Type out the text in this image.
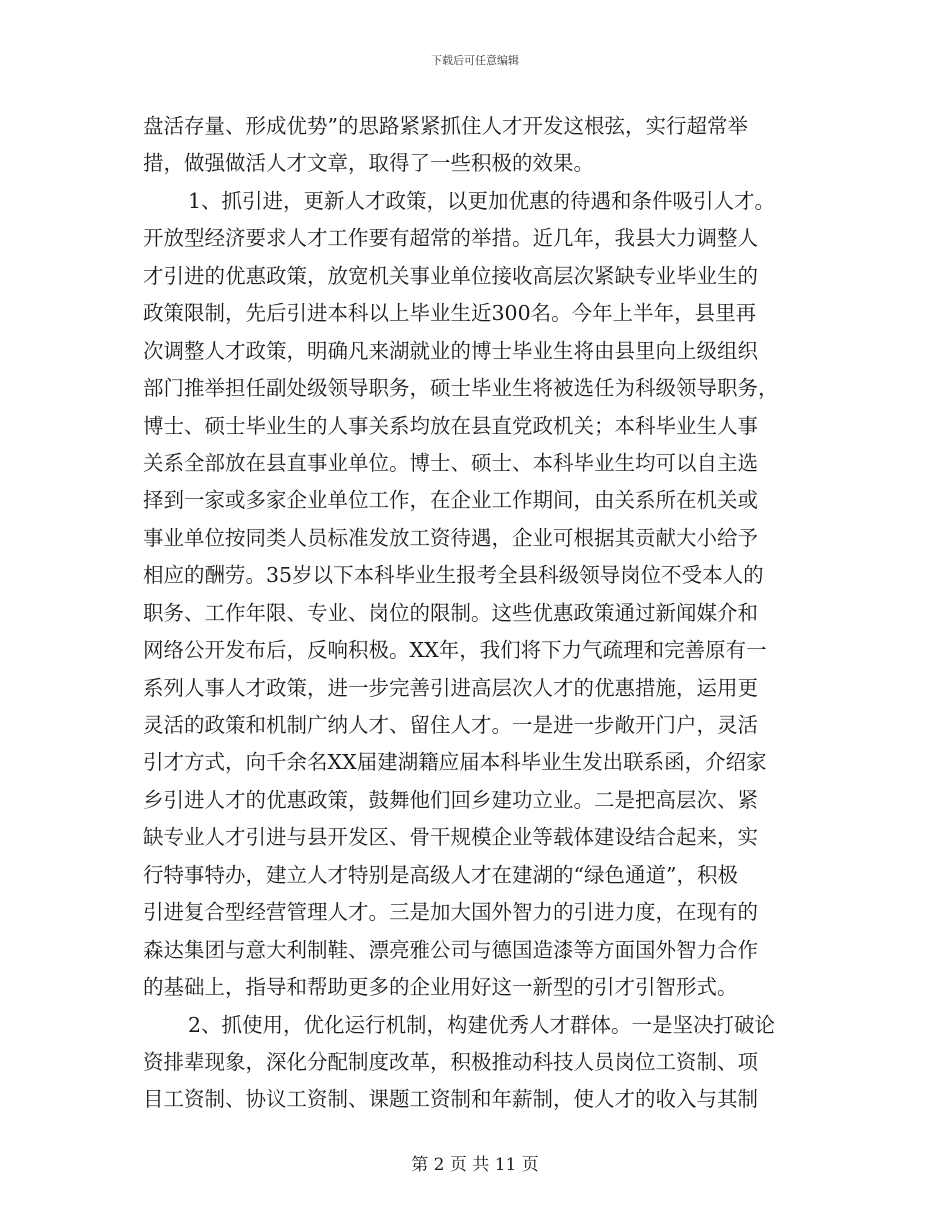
下载后可任意编辑
盘活存量、形成优势”的思路紧紧抓住人才开发这根弦，实行超常举
措，做强做活人才文章，取得了一些积极的效果。
1、抓引进，更新人才政策，以更加优惠的待遇和条件吸引人才。
开放型经济要求人才工作要有超常的举措。近几年，我县大力调整人
才引进的优惠政策，放宽机关事业单位接收高层次紧缺专业毕业生的
政策限制，先后引进本科以上毕业生近300名。今年上半年，县里再
次调整人才政策，明确凡来湖就业的博士毕业生将由县里向上级组织
部门推举担任副处级领导职务，硕士毕业生将被选任为科级领导职务，
博士、硕士毕业生的人事关系均放在县直党政机关；本科毕业生人事
关系全部放在县直事业单位。博士、硕士、本科毕业生均可以自主选
择到一家或多家企业单位工作，在企业工作期间，由关系所在机关或
事业单位按同类人员标准发放工资待遇，企业可根据其贡献大小给予
相应的酬劳。35岁以下本科毕业生报考全县科级领导岗位不受本人的
职务、工作年限、专业、岗位的限制。这些优惠政策通过新闻媒介和
网络公开发布后，反响积极。XX年，我们将下力气疏理和完善原有一
系列人事人才政策，进一步完善引进高层次人才的优惠措施，运用更
灵活的政策和机制广纳人才、留住人才。一是进一步敞开门户，灵活
引才方式，向千余名XX届建湖籍应届本科毕业生发出联系函，介绍家
乡引进人才的优惠政策，鼓舞他们回乡建功立业。二是把高层次、紧
缺专业人才引进与县开发区、骨干规模企业等载体建设结合起来，实
行特事特办，建立人才特别是高级人才在建湖的“绿色通道”，积极
引进复合型经营管理人才。三是加大国外智力的引进力度，在现有的
森达集团与意大利制鞋、漂亮雅公司与德国造漆等方面国外智力合作
的基础上，指导和帮助更多的企业用好这一新型的引才引智形式。
2、抓使用，优化运行机制，构建优秀人才群体。一是坚决打破论
资排辈现象，深化分配制度改革，积极推动科技人员岗位工资制、项
目工资制、协议工资制、课题工资制和年薪制，使人才的收入与其制
第 2 页 共 11 页
